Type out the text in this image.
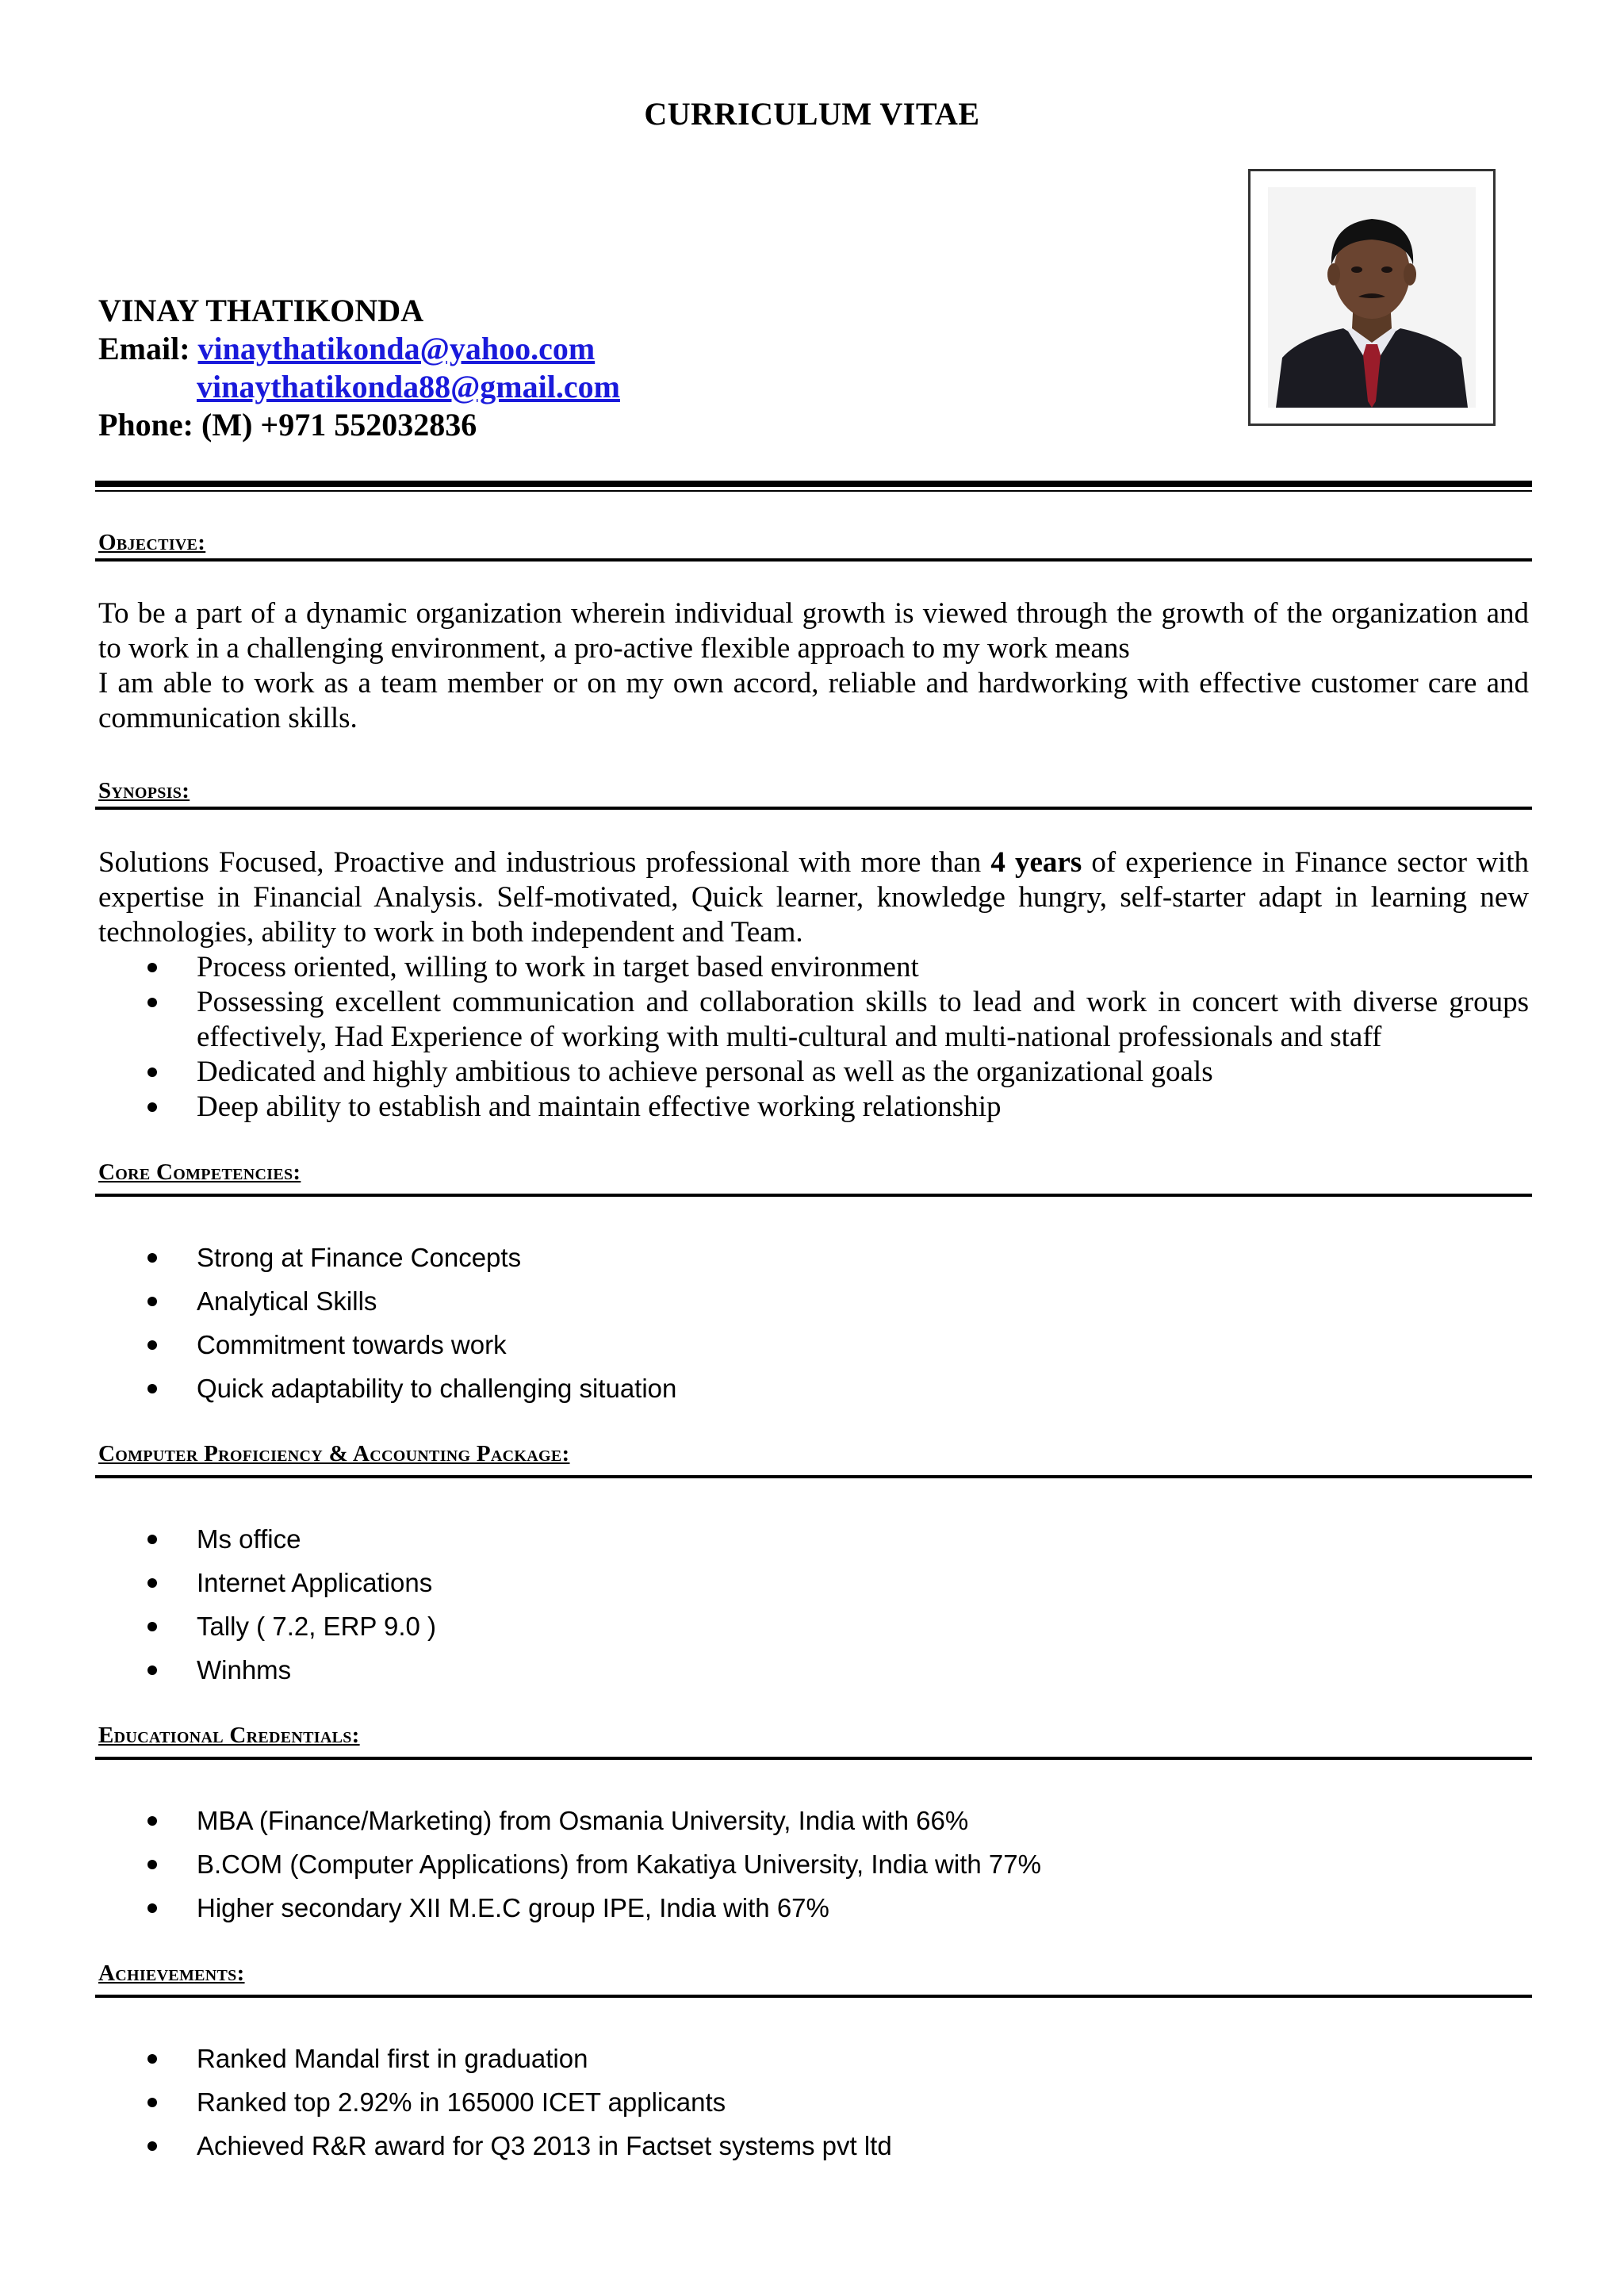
CURRICULUM VITAE
VINAY THATIKONDA
Email: vinaythatikonda@yahoo.com
vinaythatikonda88@gmail.com
Phone: (M) +971 552032836
Objective:

To be a part of a dynamic organization wherein individual growth is viewed through the growth of the organization and to work in a challenging environment, a pro-active flexible approach to my work means

I am able to work as a team member or on my own accord, reliable and hardworking with effective customer care and communication skills.

Synopsis:

Solutions Focused, Proactive and industrious professional with more than 4 years of experience in Finance sector with expertise in Financial Analysis. Self-motivated, Quick learner, knowledge hungry, self-starter adapt in learning new technologies, ability to work in both independent and Team.

Process oriented, willing to work in target based environment
Possessing excellent communication and collaboration skills to lead and work in concert with diverse groups effectively, Had Experience of working with multi-cultural and multi-national professionals and staff
Dedicated and highly ambitious to achieve personal as well as the organizational goals
Deep ability to establish and maintain effective working relationship
Core Competencies:
Strong at Finance Concepts
Analytical Skills
Commitment towards work
Quick adaptability to challenging situation
Computer Proficiency & Accounting Package:
Ms office
Internet Applications
Tally ( 7.2, ERP 9.0 )
Winhms
Educational Credentials:
MBA (Finance/Marketing) from Osmania University, India with 66%
B.COM (Computer Applications) from Kakatiya University, India with 77%
Higher secondary XII M.E.C group IPE, India with 67%
Achievements:
Ranked Mandal first in graduation
Ranked top 2.92% in 165000 ICET applicants
Achieved R&R award for Q3 2013 in Factset systems pvt ltd
